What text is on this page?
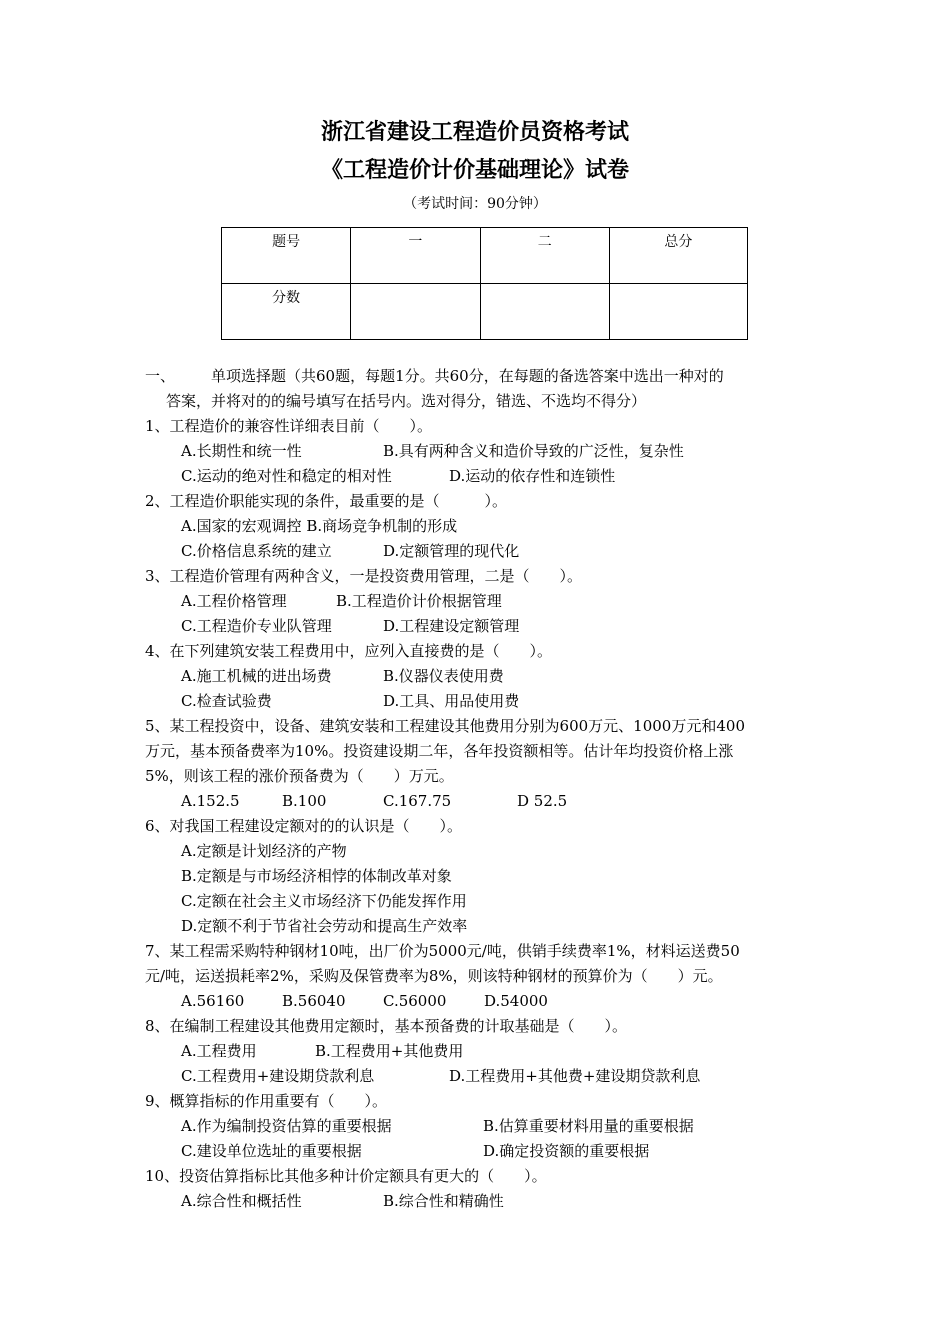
浙江省建设工程造价员资格考试
《工程造价计价基础理论》试卷
（考试时间：90分钟）
题号	一	二	总分
分数			
一、	单项选择题（共60题，每题1分。共60分，在每题的备选答案中选出一种对的
答案，并将对的的编号填写在括号内。选对得分，错选、不选均不得分）
1、工程造价的兼容性详细表目前（　　）。
A.长期性和统一性	B.具有两种含义和造价导致的广泛性，复杂性
C.运动的绝对性和稳定的相对性	D.运动的依存性和连锁性
2、工程造价职能实现的条件，最重要的是（　　　）。
A.国家的宏观调控 B.商场竞争机制的形成
C.价格信息系统的建立	D.定额管理的现代化
3、工程造价管理有两种含义，一是投资费用管理，二是（　　）。
A.工程价格管理	B.工程造价计价根据管理
C.工程造价专业队管理	D.工程建设定额管理
4、在下列建筑安装工程费用中，应列入直接费的是（　　）。
A.施工机械的进出场费	B.仪器仪表使用费
C.检查试验费	D.工具、用品使用费
5、某工程投资中，设备、建筑安装和工程建设其他费用分别为600万元、1000万元和400
万元，基本预备费率为10%。投资建设期二年，各年投资额相等。估计年均投资价格上涨
5%，则该工程的涨价预备费为（　　）万元。
A.152.5	B.100	C.167.75	D 52.5
6、对我国工程建设定额对的的认识是（　　）。
A.定额是计划经济的产物
B.定额是与市场经济相悖的体制改革对象
C.定额在社会主义市场经济下仍能发挥作用
D.定额不利于节省社会劳动和提高生产效率
7、某工程需采购特种钢材10吨，出厂价为5000元/吨，供销手续费率1%，材料运送费50
元/吨，运送损耗率2%，采购及保管费率为8%，则该特种钢材的预算价为（　　）元。
A.56160	B.56040 C.56000	D.54000
8、在编制工程建设其他费用定额时，基本预备费的计取基础是（　　）。
A.工程费用	B.工程费用+其他费用
C.工程费用+建设期贷款利息	D.工程费用+其他费+建设期贷款利息
9、概算指标的作用重要有（　　）。
A.作为编制投资估算的重要根据	B.估算重要材料用量的重要根据
C.建设单位选址的重要根据	D.确定投资额的重要根据
10、投资估算指标比其他多种计价定额具有更大的（　　）。
A.综合性和概括性	B.综合性和精确性
